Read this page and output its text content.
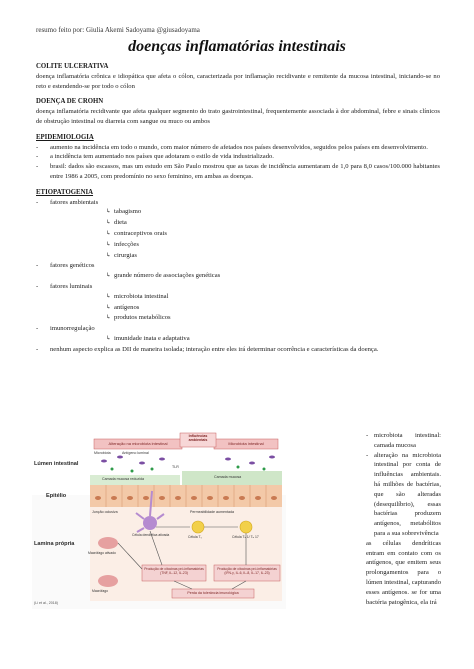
resumo feito por: Giulia Akemi Sadoyama @giusadoyama
doenças inflamatórias intestinais
COLITE ULCERATIVA
doença inflamatória crônica e idiopática que afeta o cólon, caracterizada por inflamação recidivante e remitente da mucosa intestinal, iniciando-se no reto e estendendo-se por todo o cólon
DOENÇA DE CROHN
doença inflamatória recidivante que afeta qualquer segmento do trato gastrointestinal, frequentemente associada à dor abdominal, febre e sinais clínicos de obstrução intestinal ou diarreia com sangue ou muco ou ambos
EPIDEMIOLOGIA
- aumento na incidência em todo o mundo, com maior número de afetados nos países desenvolvidos, seguidos pelos países em desenvolvimento.
- a incidência tem aumentado nos países que adotaram o estilo de vida industrializado.
- brasil: dados são escassos, mas um estudo em São Paulo mostrou que as taxas de incidência aumentaram de 1,0 para 8,0 casos/100.000 habitantes entre 1986 a 2005, com predomínio no sexo feminino, em ambas as doenças.
ETIOPATOGENIA
- fatores ambientais
↳ tabagismo
↳ dieta
↳ contraceptivos orais
↳ infecções
↳ cirurgias
- fatores genéticos
↳ grande número de associações genéticas
- fatores luminais
↳ microbiota intestinal
↳ antígenos
↳ produtos metabólicos
- imunorregulação
↳ imunidade inata e adaptativa
- nenhum aspecto explica as DII de maneira isolada; interação entre eles irá determinar ocorrência e características da doença.
Influências ambientais
Alteração na microbiota intestinal	Microbiota intestinal
Lúmen intestinal
Epitélio
Lamina própria
Microbiota	Antígeno luminal
TLR
Camada mucosa reduzida	Camada mucosa
Junção oclusiva	Permeabilidade aumentada
Célula dendrítica ativada	Célula T₀	Célula Tₕ 1/ Tₕ 17
Macrófago ativado
Macrófago
Produção de citocinas pró-inflamatórias (TNF, IL-12, IL-23)
Produção de citocinas pró-inflamatórias (IFN-γ, IL-6, IL-8, IL-17, IL-23)
Perda da tolerância imunológica
(Li et al., 2018)
- microbiota intestinal: camada mucosa
- alteração na microbiota intestinal por conta de influências ambientais. há milhões de bactérias, que são alteradas (desequilíbrio), essas bactérias produzem antígenos, metabólitos para a sua sobrevivência
as células dendríticas entram em contato com os antígenos, que emitem seus prolongamentos para o lúmen intestinal, capturando esses antígenos. se for uma bactéria patogênica, ela irá
